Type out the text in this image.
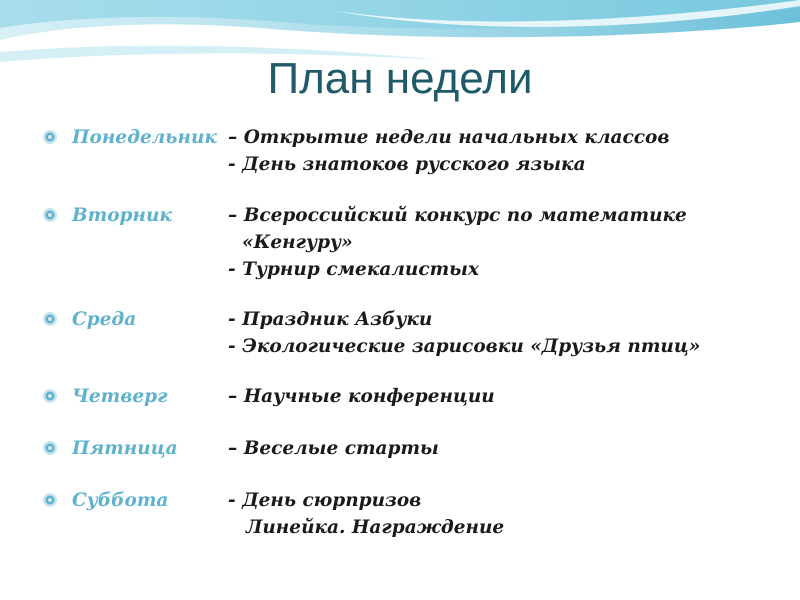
План недели
Понедельник – Открытие недели начальных классов
- День знатоков русского языка
Вторник	– Всероссийский конкурс по математике
«Кенгуру»
- Турнир смекалистых
Среда	- Праздник Азбуки
- Экологические зарисовки «Друзья птиц»
Четверг	– Научные конференции
Пятница	– Веселые старты
Суббота	- День сюрпризов
Линейка. Награждение
